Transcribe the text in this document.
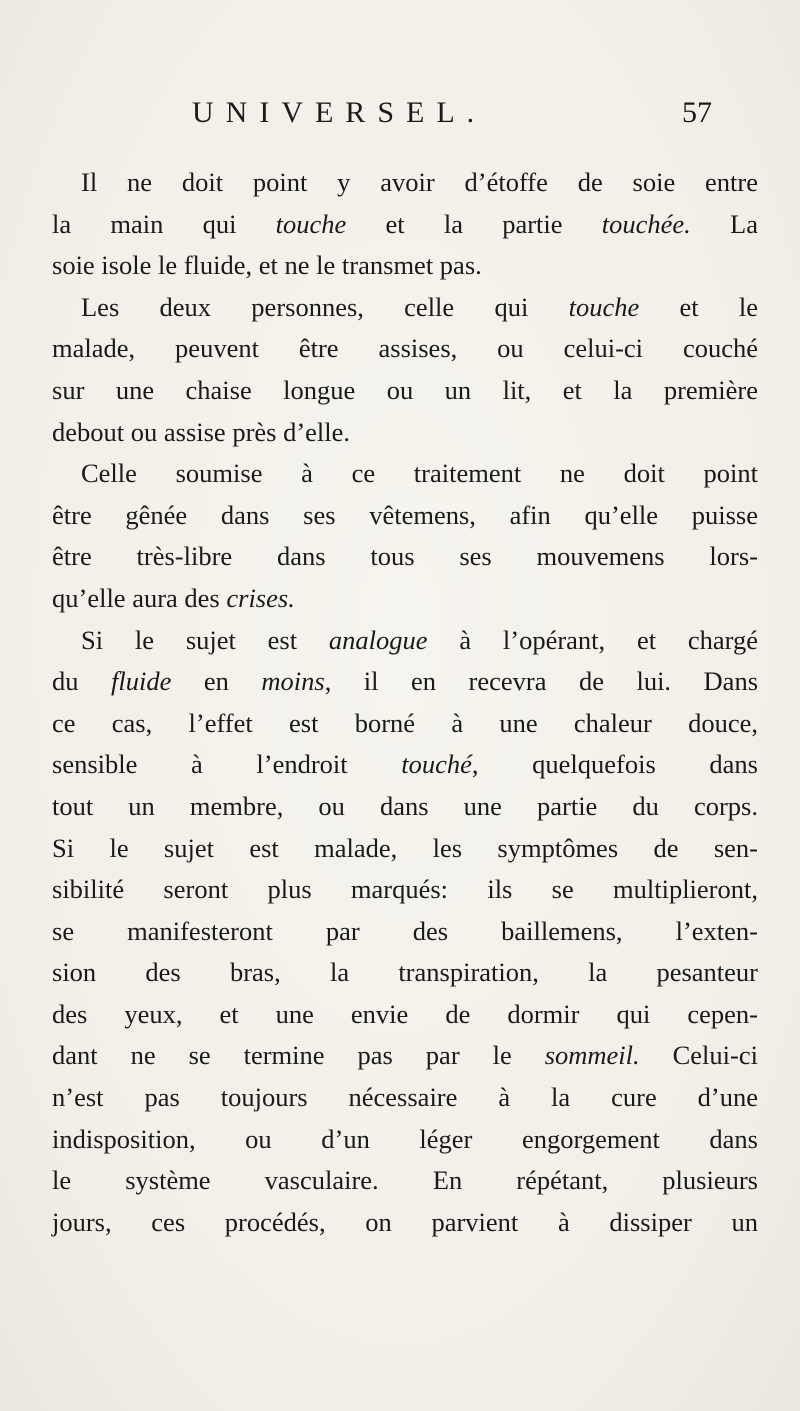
UNIVERSEL.	57
Il ne doit point y avoir d’étoffe de soie entre
la main qui touche et la partie touchée. La
soie isole le fluide, et ne le transmet pas.
Les deux personnes, celle qui touche et le
malade, peuvent être assises, ou celui-ci couché
sur une chaise longue ou un lit, et la première
debout ou assise près d’elle.
Celle soumise à ce traitement ne doit point
être gênée dans ses vêtemens, afin qu’elle puisse
être très-libre dans tous ses mouvemens lors-
qu’elle aura des crises.
Si le sujet est analogue à l’opérant, et chargé
du fluide en moins, il en recevra de lui. Dans
ce cas, l’effet est borné à une chaleur douce,
sensible à l’endroit touché, quelquefois dans
tout un membre, ou dans une partie du corps.
Si le sujet est malade, les symptômes de sen-
sibilité seront plus marqués: ils se multiplieront,
se manifesteront par des baillemens, l’exten-
sion des bras, la transpiration, la pesanteur
des yeux, et une envie de dormir qui cepen-
dant ne se termine pas par le sommeil. Celui-ci
n’est pas toujours nécessaire à la cure d’une
indisposition, ou d’un léger engorgement dans
le système vasculaire. En répétant, plusieurs
jours, ces procédés, on parvient à dissiper un
